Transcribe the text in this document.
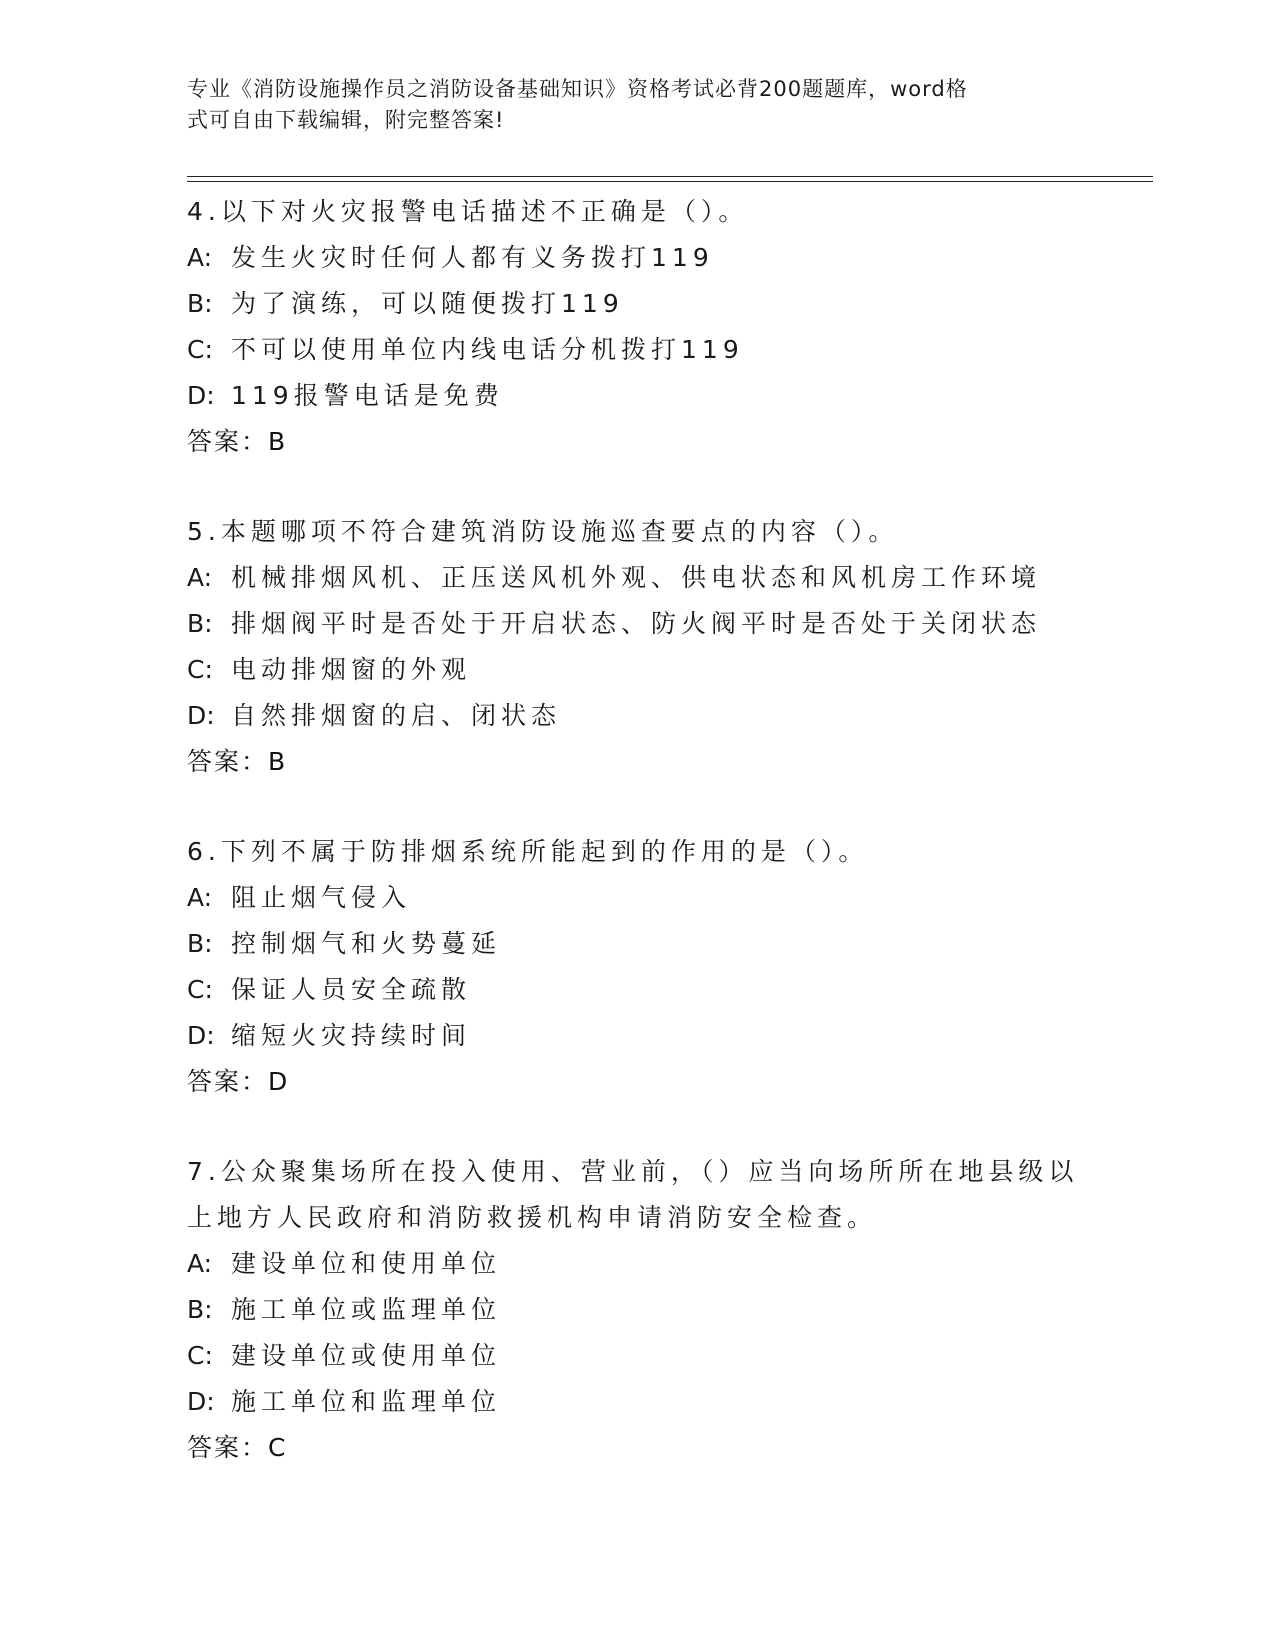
专业《消防设施操作员之消防设备基础知识》资格考试必背200题题库，word格
式可自由下载编辑，附完整答案!
4.以下对火灾报警电话描述不正确是（）。
A: 发生火灾时任何人都有义务拨打119
B: 为了演练，可以随便拨打119
C: 不可以使用单位内线电话分机拨打119
D: 119报警电话是免费
答案：B
5.本题哪项不符合建筑消防设施巡查要点的内容（）。
A: 机械排烟风机、正压送风机外观、供电状态和风机房工作环境
B: 排烟阀平时是否处于开启状态、防火阀平时是否处于关闭状态
C: 电动排烟窗的外观
D: 自然排烟窗的启、闭状态
答案：B
6.下列不属于防排烟系统所能起到的作用的是（）。
A: 阻止烟气侵入
B: 控制烟气和火势蔓延
C: 保证人员安全疏散
D: 缩短火灾持续时间
答案：D
7.公众聚集场所在投入使用、营业前，（）应当向场所所在地县级以上地方人民政府和消防救援机构申请消防安全检查。
A: 建设单位和使用单位
B: 施工单位或监理单位
C: 建设单位或使用单位
D: 施工单位和监理单位
答案：C
